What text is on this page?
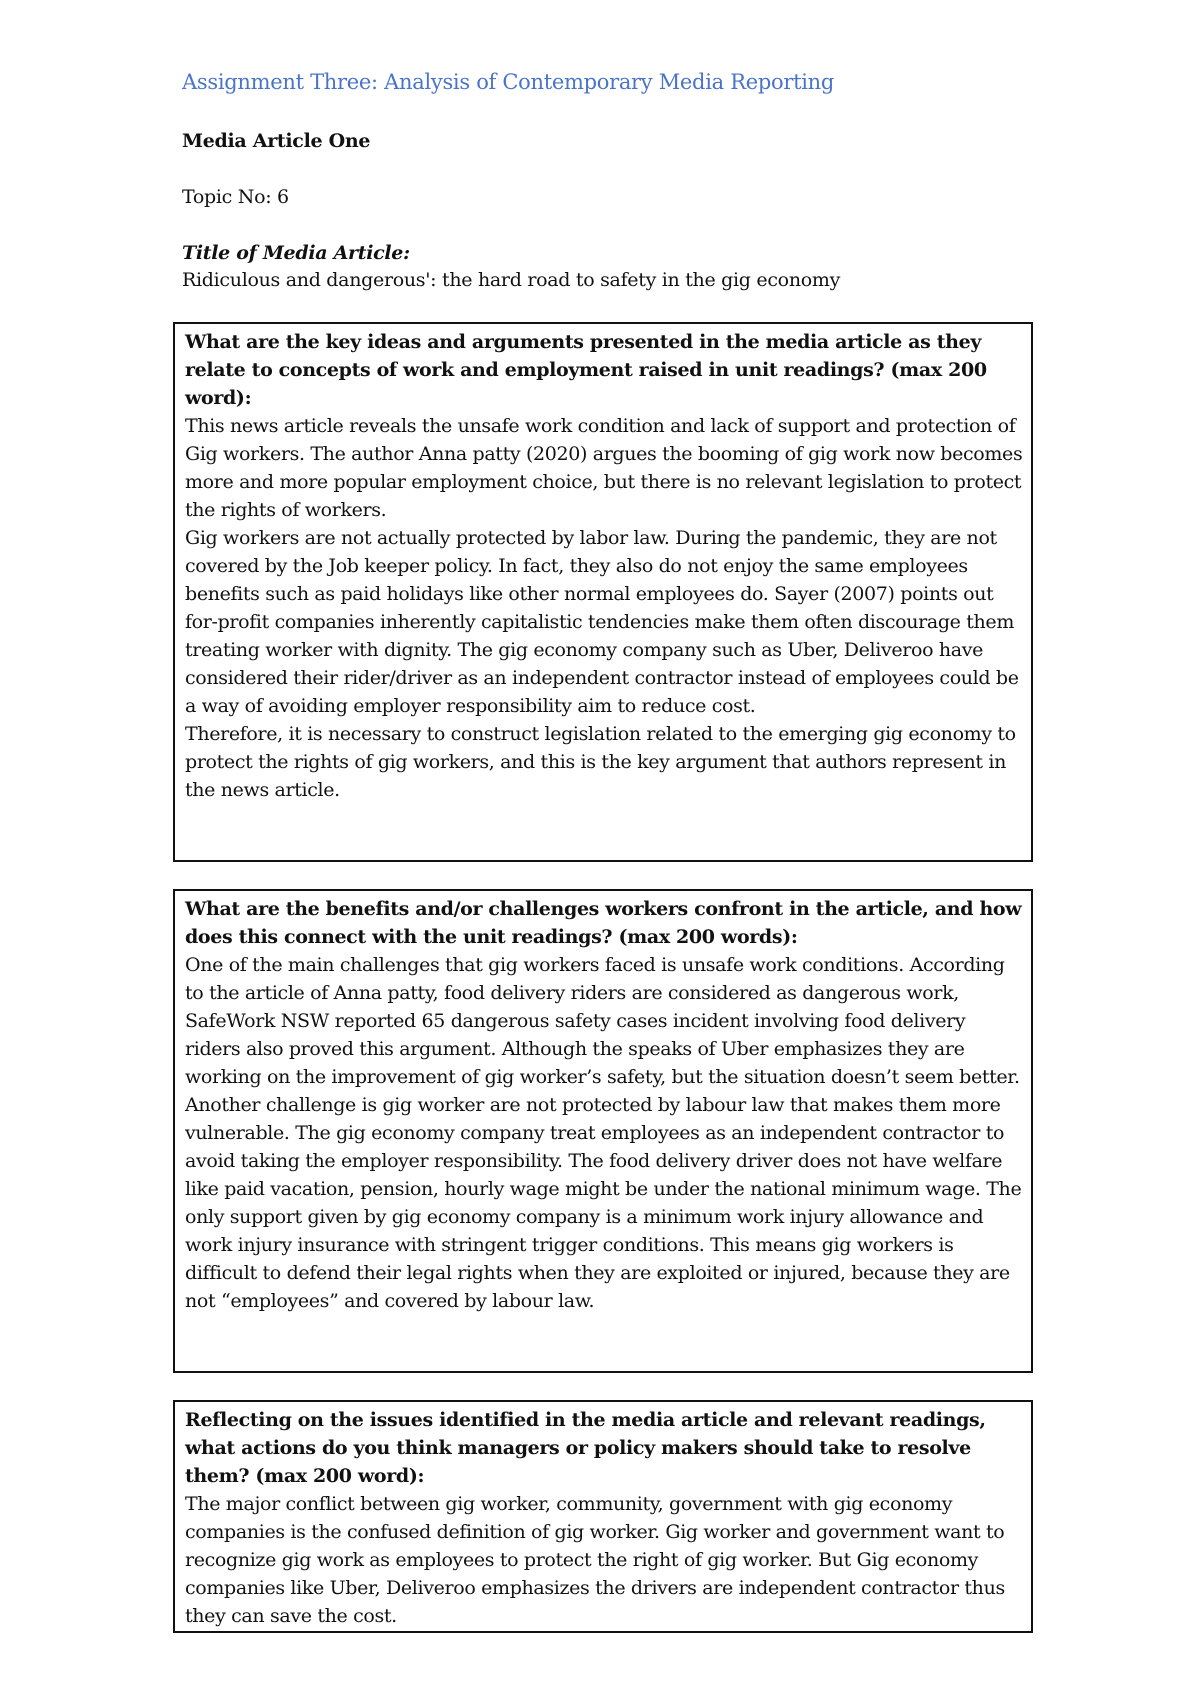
Assignment Three: Analysis of Contemporary Media Reporting
Media Article One
Topic No: 6
Title of Media Article:
Ridiculous and dangerous': the hard road to safety in the gig economy

What are the key ideas and arguments presented in the media article as they relate to concepts of work and employment raised in unit readings? (max 200 word):

This news article reveals the unsafe work condition and lack of support and protection of Gig workers. The author Anna patty (2020) argues the booming of gig work now becomes more and more popular employment choice, but there is no relevant legislation to protect the rights of workers.

Gig workers are not actually protected by labor law. During the pandemic, they are not covered by the Job keeper policy. In fact, they also do not enjoy the same employees benefits such as paid holidays like other normal employees do. Sayer (2007) points out for-profit companies inherently capitalistic tendencies make them often discourage them treating worker with dignity. The gig economy company such as Uber, Deliveroo have considered their rider/driver as an independent contractor instead of employees could be a way of avoiding employer responsibility aim to reduce cost.

Therefore, it is necessary to construct legislation related to the emerging gig economy to protect the rights of gig workers, and this is the key argument that authors represent in the news article.

What are the benefits and/or challenges workers confront in the article, and how does this connect with the unit readings? (max 200 words):

One of the main challenges that gig workers faced is unsafe work conditions. According to the article of Anna patty, food delivery riders are considered as dangerous work, SafeWork NSW reported 65 dangerous safety cases incident involving food delivery riders also proved this argument. Although the speaks of Uber emphasizes they are working on the improvement of gig worker’s safety, but the situation doesn’t seem better.

Another challenge is gig worker are not protected by labour law that makes them more vulnerable. The gig economy company treat employees as an independent contractor to avoid taking the employer responsibility. The food delivery driver does not have welfare like paid vacation, pension, hourly wage might be under the national minimum wage. The only support given by gig economy company is a minimum work injury allowance and work injury insurance with stringent trigger conditions. This means gig workers is difficult to defend their legal rights when they are exploited or injured, because they are not “employees” and covered by labour law.

Reflecting on the issues identified in the media article and relevant readings, what actions do you think managers or policy makers should take to resolve them? (max 200 word):

The major conflict between gig worker, community, government with gig economy companies is the confused definition of gig worker. Gig worker and government want to recognize gig work as employees to protect the right of gig worker. But Gig economy companies like Uber, Deliveroo emphasizes the drivers are independent contractor thus they can save the cost.
